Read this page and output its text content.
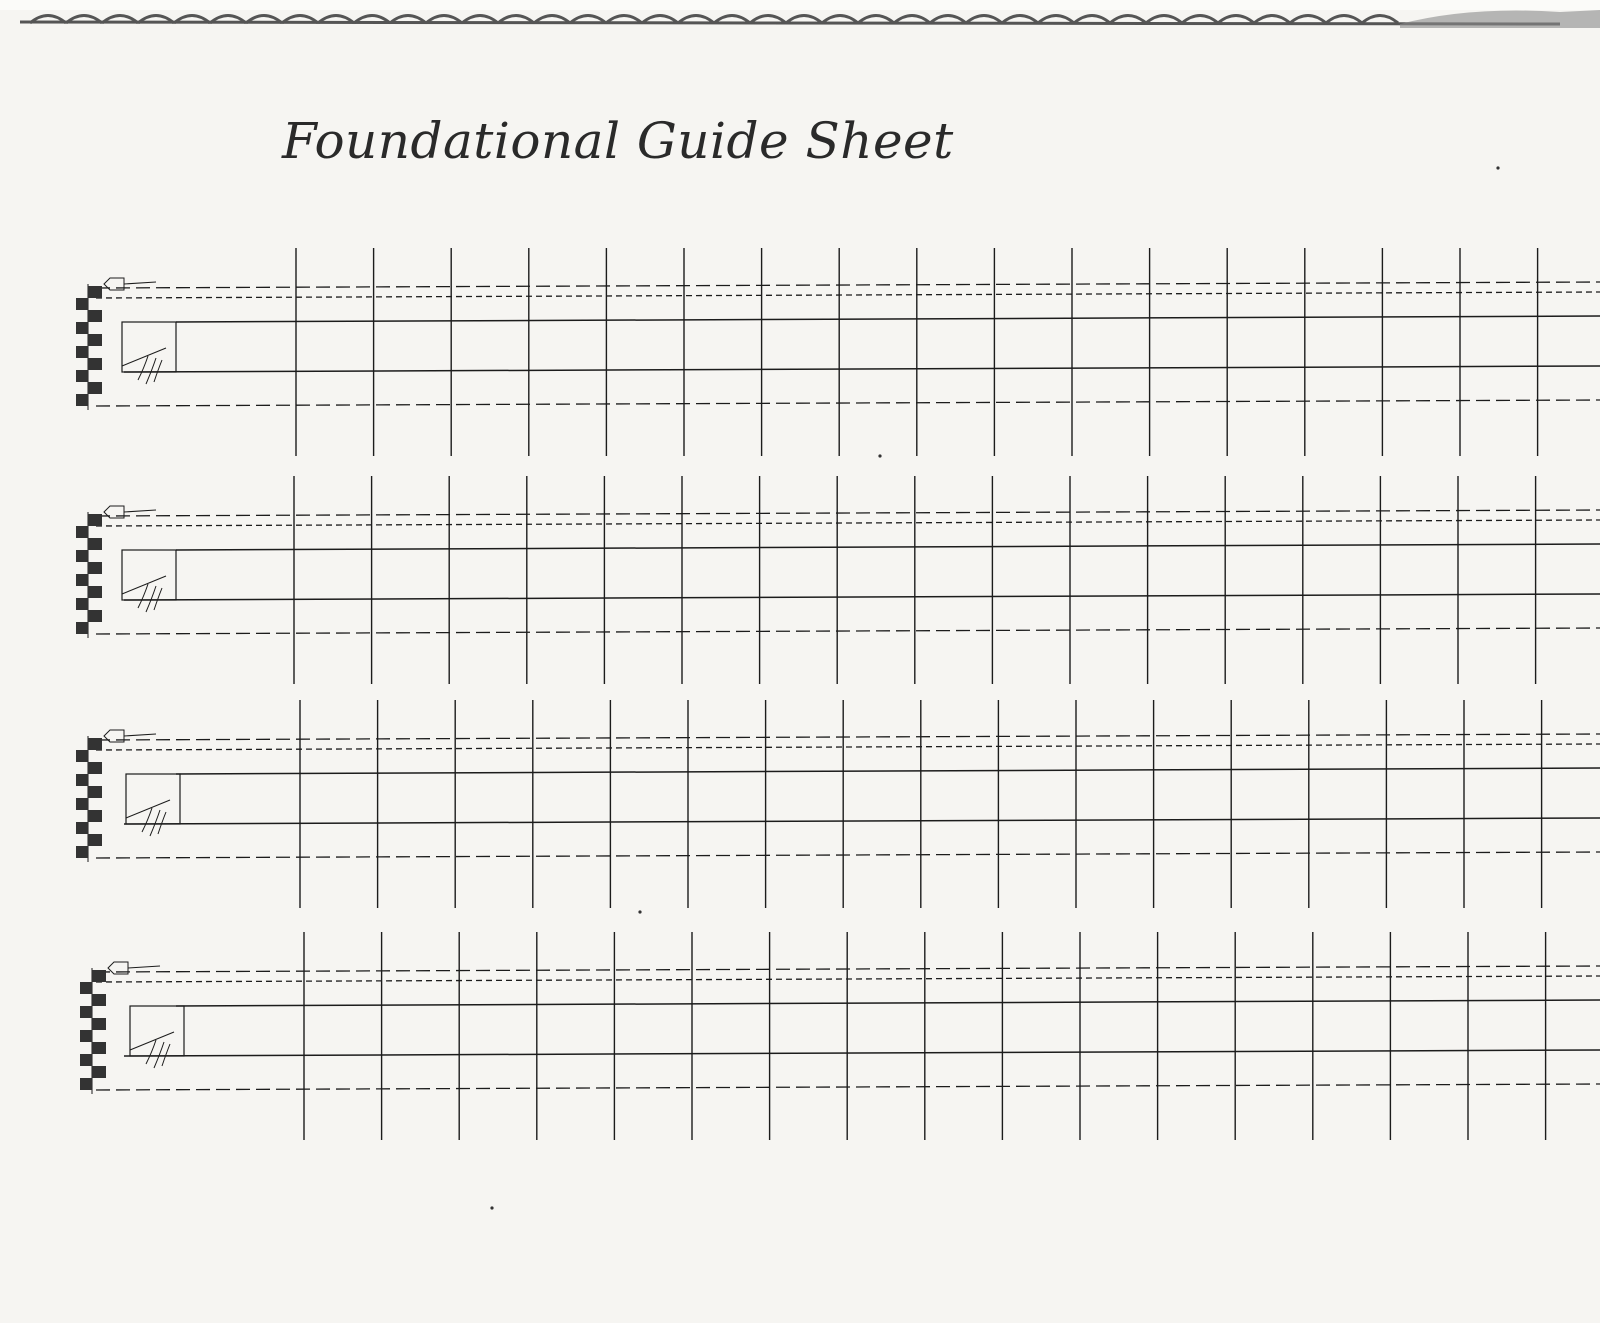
Foundational Guide Sheet
